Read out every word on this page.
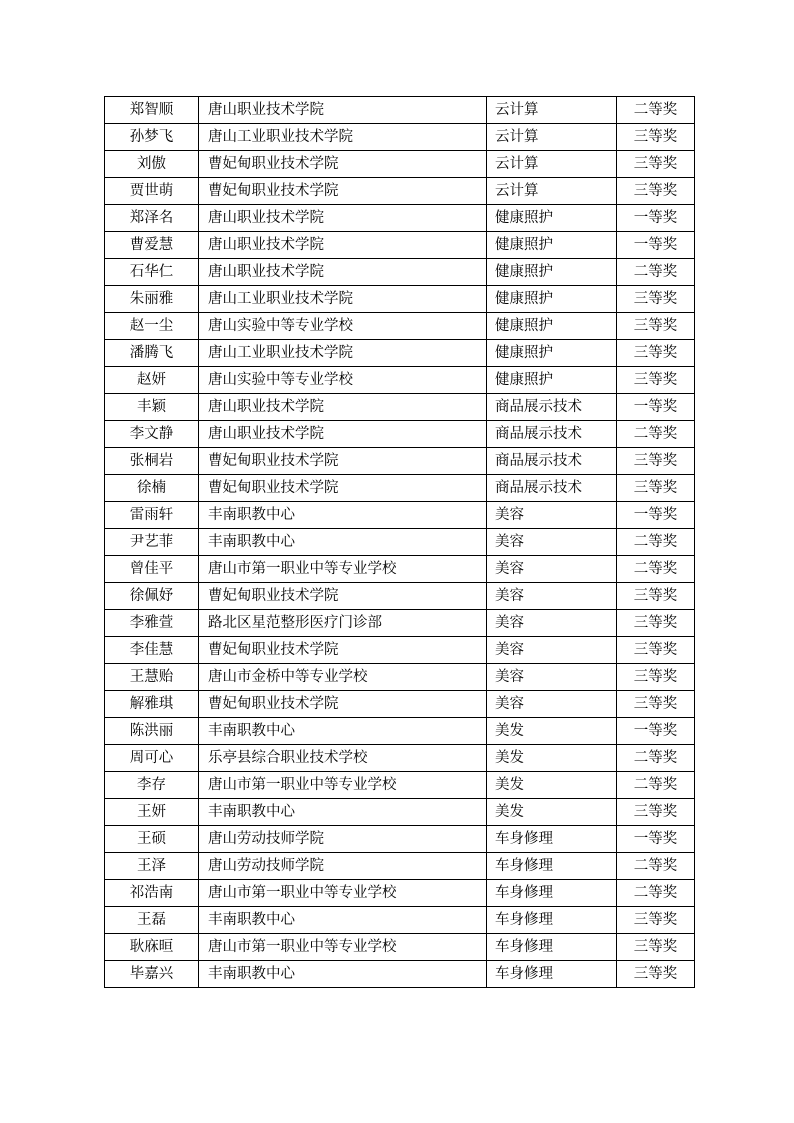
郑智顺	唐山职业技术学院	云计算	二等奖
孙梦飞	唐山工业职业技术学院	云计算	三等奖
刘傲	曹妃甸职业技术学院	云计算	三等奖
贾世萌	曹妃甸职业技术学院	云计算	三等奖
郑泽名	唐山职业技术学院	健康照护	一等奖
曹爱慧	唐山职业技术学院	健康照护	一等奖
石华仁	唐山职业技术学院	健康照护	二等奖
朱丽雅	唐山工业职业技术学院	健康照护	三等奖
赵一尘	唐山实验中等专业学校	健康照护	三等奖
潘腾飞	唐山工业职业技术学院	健康照护	三等奖
赵妍	唐山实验中等专业学校	健康照护	三等奖
丰颖	唐山职业技术学院	商品展示技术	一等奖
李文静	唐山职业技术学院	商品展示技术	二等奖
张桐岩	曹妃甸职业技术学院	商品展示技术	三等奖
徐楠	曹妃甸职业技术学院	商品展示技术	三等奖
雷雨轩	丰南职教中心	美容	一等奖
尹艺菲	丰南职教中心	美容	二等奖
曾佳平	唐山市第一职业中等专业学校	美容	二等奖
徐佩妤	曹妃甸职业技术学院	美容	三等奖
李雅萱	路北区星范整形医疗门诊部	美容	三等奖
李佳慧	曹妃甸职业技术学院	美容	三等奖
王慧贻	唐山市金桥中等专业学校	美容	三等奖
解雅琪	曹妃甸职业技术学院	美容	三等奖
陈洪丽	丰南职教中心	美发	一等奖
周可心	乐亭县综合职业技术学校	美发	二等奖
李存	唐山市第一职业中等专业学校	美发	二等奖
王妍	丰南职教中心	美发	三等奖
王硕	唐山劳动技师学院	车身修理	一等奖
王泽	唐山劳动技师学院	车身修理	二等奖
祁浩南	唐山市第一职业中等专业学校	车身修理	二等奖
王磊	丰南职教中心	车身修理	三等奖
耿庥晅	唐山市第一职业中等专业学校	车身修理	三等奖
毕嘉兴	丰南职教中心	车身修理	三等奖
